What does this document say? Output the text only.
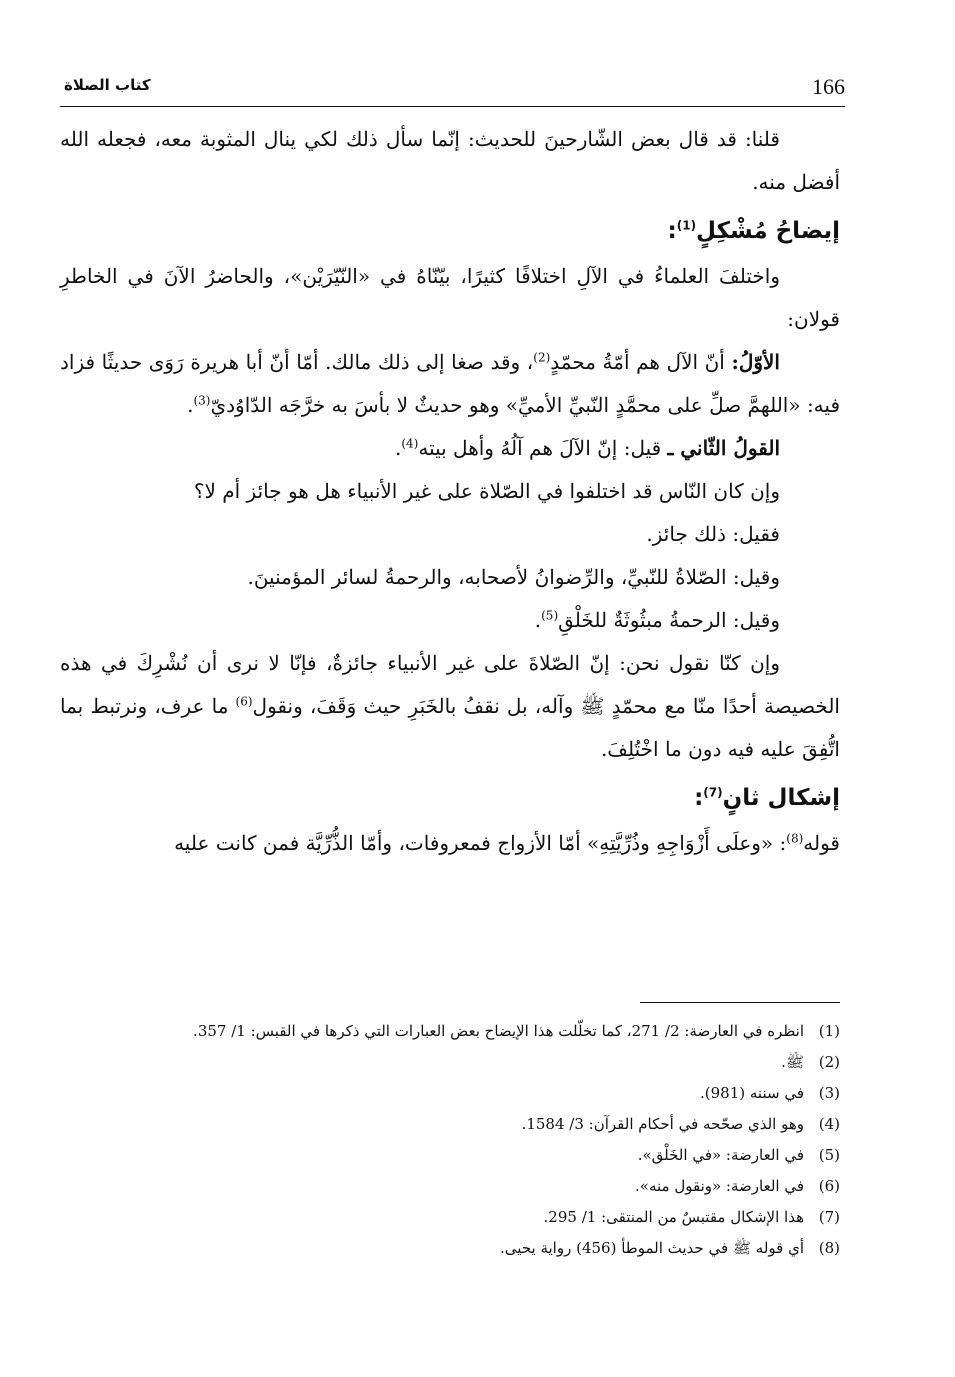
166
كتاب الصلاة

قلنا: قد قال بعض الشّارحينَ للحديث: إنّما سأل ذلك لكي ينال المثوبة معه، فجعله الله أفضل منه.

إيضاحُ مُشْكِلٍ$^{(1)}$:

واختلفَ العلماءُ في الآلِ اختلافًا كثيرًا، بيّنّاهُ في «النّيّرَيْن»، والحاضرُ الآنَ في الخاطرِ قولان:

الأوّلُ: أنّ الآل هم أمّةُ محمّدٍ$^{(2)}$، وقد صغا إلى ذلك مالك. أمّا أنّ أبا هريرة رَوَى حديثًا فزاد فيه: «اللهمَّ صلِّ على محمَّدٍ النّبيِّ الأميِّ» وهو حديثٌ لا بأسَ به خرَّجَه الدّاوُديّ$^{(3)}$.

القولُ الثّاني ـ قيل: إنّ الآلَ هم آلُهُ وأهل بيته$^{(4)}$.

وإن كان النّاس قد اختلفوا في الصّلاة على غير الأنبياء هل هو جائز أم لا؟

فقيل: ذلك جائز.

وقيل: الصّلاةُ للنّبيِّ، والرِّضوانُ لأصحابه، والرحمةُ لسائر المؤمنينَ.

وقيل: الرحمةُ مبثُوثَةٌ للخَلْقِ$^{(5)}$.

وإن كنّا نقول نحن: إنّ الصّلاةَ على غير الأنبياء جائزةٌ، فإنّا لا نرى أن نُشْرِكَ في هذه الخصيصة أحدًا منّا مع محمّدٍ ﷺ وآله، بل نقفُ بالخَبَرِ حيث وَقَفَ، ونقول$^{(6)}$ ما عرف، ونرتبط بما اتُّفِقَ عليه فيه دون ما اخْتُلِفَ.

إشكال ثانٍ$^{(7)}$:

قوله$^{(8)}$: «وعلَى أَزْوَاجِهِ وذُرِّيَّتِهِ» أمّا الأزواج فمعروفات، وأمّا الذُّرِّيَّة فمن كانت عليه

(1)
انظره في العارضة: 2/ 271، كما تخلّلت هذا الإيضاح بعض العبارات التي ذكرها في القبس: 1/ 357.

(2)
ﷺ.

(3)
في سننه (981).

(4)
وهو الذي صحّحه في أحكام القرآن: 3/ 1584.

(5)
في العارضة: «في الخَلْق».

(6)
في العارضة: «ونقول منه».

(7)
هذا الإشكال مقتبسٌ من المنتقى: 1/ 295.

(8)
أي قوله ﷺ في حديث الموطأ (456) رواية يحيى.
